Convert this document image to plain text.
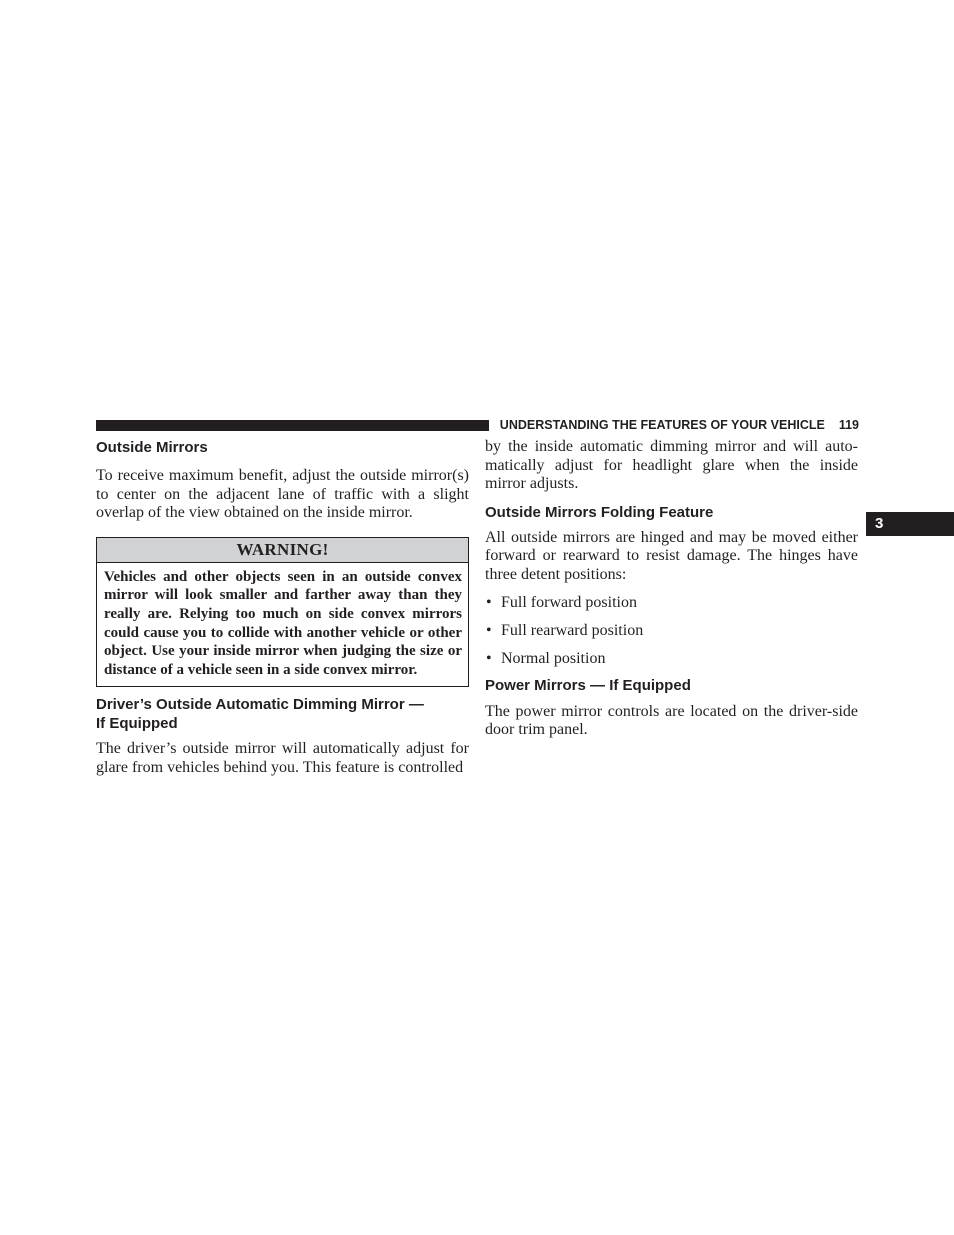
UNDERSTANDING THE FEATURES OF YOUR VEHICLE 119
3
Outside Mirrors

To receive maximum benefit, adjust the outside mirror(s) to center on the adjacent lane of traffic with a slight overlap of the view obtained on the inside mirror.

WARNING!
Vehicles and other objects seen in an outside convex mirror will look smaller and farther away than they really are. Relying too much on side convex mirrors could cause you to collide with another vehicle or other object. Use your inside mirror when judging the size or distance of a vehicle seen in a side convex mirror.
Driver’s Outside Automatic Dimming Mirror —
If Equipped

The driver’s outside mirror will automatically adjust for glare from vehicles behind you. This feature is controlled

by the inside automatic dimming mirror and will automatically adjust for headlight glare when the inside mirror adjusts.

Outside Mirrors Folding Feature

All outside mirrors are hinged and may be moved either forward or rearward to resist damage. The hinges have three detent positions:

• Full forward position
• Full rearward position
• Normal position
Power Mirrors — If Equipped

The power mirror controls are located on the driver-side door trim panel.
